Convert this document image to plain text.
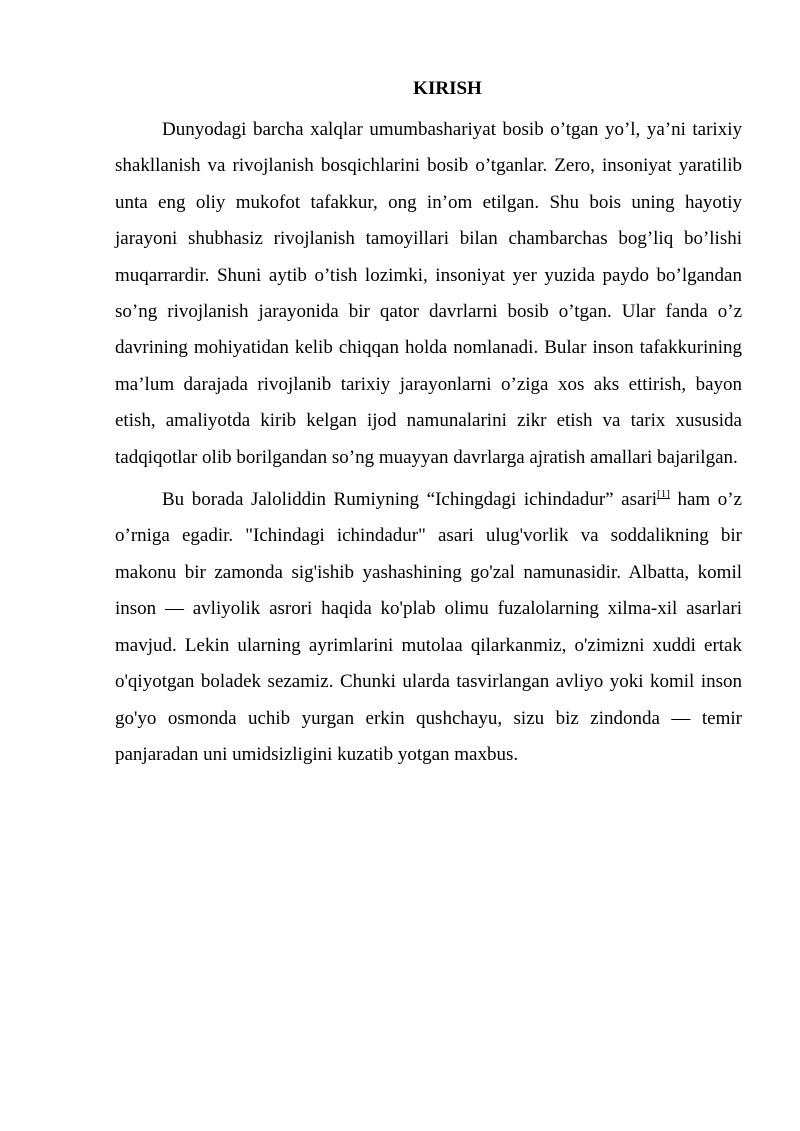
KIRISH

Dunyodagi barcha xalqlar umumbashariyat bosib o’tgan yo’l, ya’ni tarixiy shakllanish va rivojlanish bosqichlarini bosib o’tganlar. Zero, insoniyat yaratilib unta eng oliy mukofot tafakkur, ong in’om etilgan. Shu bois uning hayotiy jarayoni shubhasiz rivojlanish tamoyillari bilan chambarchas bog’liq bo’lishi muqarrardir. Shuni aytib o’tish lozimki, insoniyat yer yuzida paydo bo’lgandan so’ng rivojlanish jarayonida bir qator davrlarni bosib o’tgan. Ular fanda o’z davrining mohiyatidan kelib chiqqan holda nomlanadi. Bular inson tafakkurining ma’lum darajada rivojlanib tarixiy jarayonlarni o’ziga xos aks ettirish, bayon etish, amaliyotda kirib kelgan ijod namunalarini zikr etish va tarix xususida tadqiqotlar olib borilgandan so’ng muayyan davrlarga ajratish amallari bajarilgan.

Bu borada Jaloliddin Rumiyning “Ichingdagi ichindadur” asari[1] ham o’z o’rniga egadir. "Ichindagi ichindadur" asari ulug'vorlik va soddalikning bir makonu bir zamonda sig'ishib yashashining go'zal namunasidir. Albatta, komil inson — avliyolik asrori haqida ko'plab olimu fuzalolarning xilma-xil asarlari mavjud. Lekin ularning ayrimlarini mutolaa qilarkanmiz, o'zimizni xuddi ertak o'qiyotgan boladek sezamiz. Chunki ularda tasvirlangan avliyo yoki komil inson go'yo osmonda uchib yurgan erkin qushchayu, sizu biz zindonda — temir panjaradan uni umidsizligini kuzatib yotgan maxbus.
